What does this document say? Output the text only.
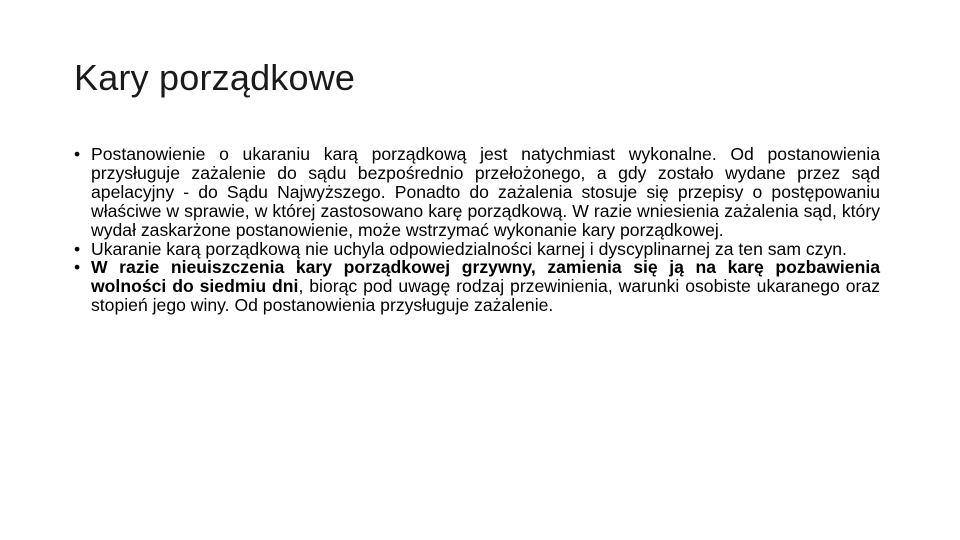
Kary porządkowe
• Postanowienie o ukaraniu karą porządkową jest natychmiast wykonalne. Od postanowienia przysługuje zażalenie do sądu bezpośrednio przełożonego, a gdy zostało wydane przez sąd apelacyjny - do Sądu Najwyższego. Ponadto do zażalenia stosuje się przepisy o postępowaniu właściwe w sprawie, w której zastosowano karę porządkową. W razie wniesienia zażalenia sąd, który wydał zaskarżone postanowienie, może wstrzymać wykonanie kary porządkowej.
• Ukaranie karą porządkową nie uchyla odpowiedzialności karnej i dyscyplinarnej za ten sam czyn.
• W razie nieuiszczenia kary porządkowej grzywny, zamienia się ją na karę pozbawienia wolności do siedmiu dni, biorąc pod uwagę rodzaj przewinienia, warunki osobiste ukaranego oraz stopień jego winy. Od postanowienia przysługuje zażalenie.
